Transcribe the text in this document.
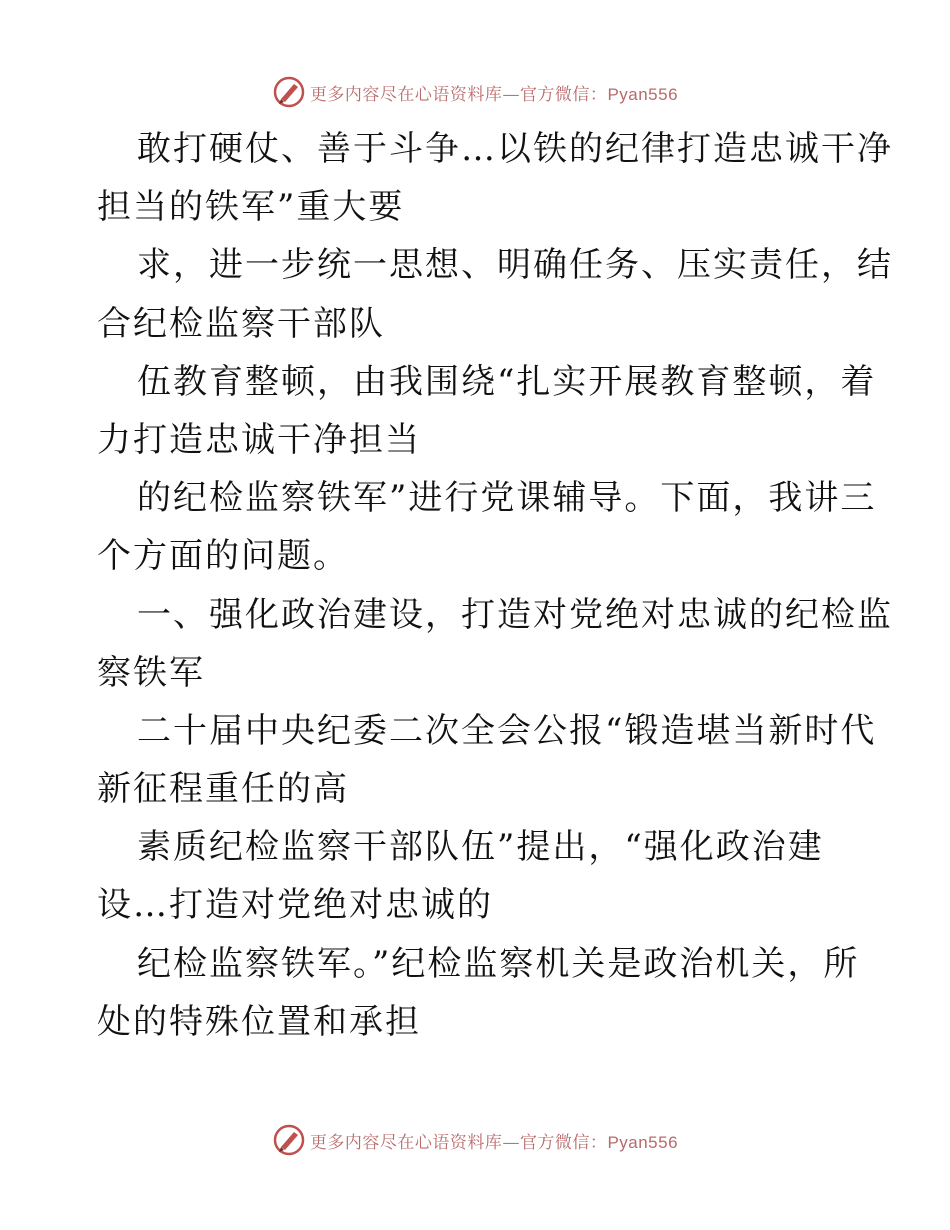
更多内容尽在心语资料库—官方微信：Pyan556
敢打硬仗、善于斗争…以铁的纪律打造忠诚干净
担当的铁军”重大要
求，进一步统一思想、明确任务、压实责任，结
合纪检监察干部队
伍教育整顿，由我围绕“扎实开展教育整顿，着
力打造忠诚干净担当
的纪检监察铁军”进行党课辅导。下面，我讲三
个方面的问题。
一、强化政治建设，打造对党绝对忠诚的纪检监
察铁军
二十届中央纪委二次全会公报“锻造堪当新时代
新征程重任的高
素质纪检监察干部队伍”提出，“强化政治建
设…打造对党绝对忠诚的
纪检监察铁军。”纪检监察机关是政治机关，所
处的特殊位置和承担
更多内容尽在心语资料库—官方微信：Pyan556
